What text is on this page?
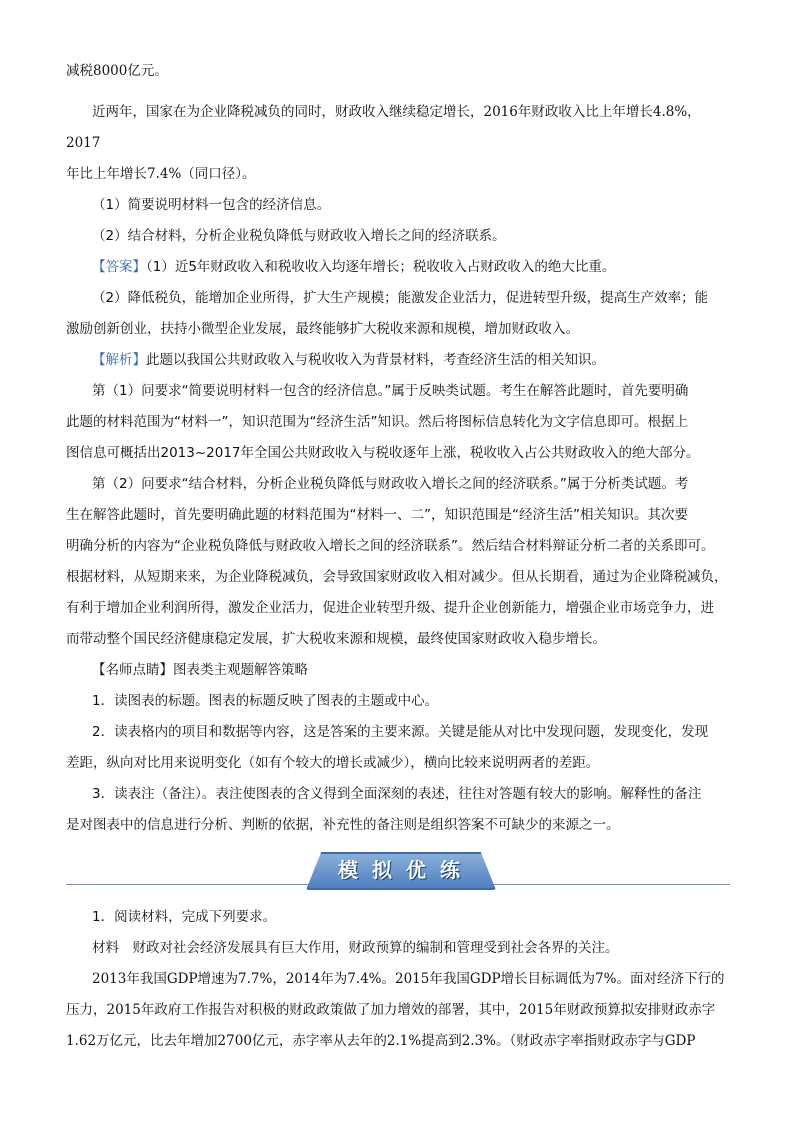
减税8000亿元。

近两年，国家在为企业降税减负的同时，财政收入继续稳定增长，2016年财政收入比上年增长4.8%，2017

年比上年增长7.4%（同口径）。

（1）简要说明材料一包含的经济信息。

（2）结合材料，分析企业税负降低与财政收入增长之间的经济联系。

【答案】（1）近5年财政收入和税收收入均逐年增长；税收收入占财政收入的绝大比重。

（2）降低税负，能增加企业所得，扩大生产规模；能激发企业活力，促进转型升级，提高生产效率；能

激励创新创业，扶持小微型企业发展，最终能够扩大税收来源和规模，增加财政收入。

【解析】此题以我国公共财政收入与税收收入为背景材料，考查经济生活的相关知识。

第（1）问要求“简要说明材料一包含的经济信息。”属于反映类试题。考生在解答此题时，首先要明确

此题的材料范围为“材料一”，知识范围为“经济生活”知识。然后将图标信息转化为文字信息即可。根据上

图信息可概括出2013~2017年全国公共财政收入与税收逐年上涨，税收收入占公共财政收入的绝大部分。

第（2）问要求“结合材料，分析企业税负降低与财政收入增长之间的经济联系。”属于分析类试题。考

生在解答此题时，首先要明确此题的材料范围为“材料一、二”，知识范围是“经济生活”相关知识。其次要

明确分析的内容为“企业税负降低与财政收入增长之间的经济联系”。然后结合材料辩证分析二者的关系即可。

根据材料，从短期来来，为企业降税减负，会导致国家财政收入相对减少。但从长期看，通过为企业降税减负，

有利于增加企业利润所得，激发企业活力，促进企业转型升级、提升企业创新能力，增强企业市场竞争力，进

而带动整个国民经济健康稳定发展，扩大税收来源和规模，最终使国家财政收入稳步增长。

【名师点睛】图表类主观题解答策略

1．读图表的标题。图表的标题反映了图表的主题或中心。

2．读表格内的项目和数据等内容，这是答案的主要来源。关键是能从对比中发现问题，发现变化，发现

差距，纵向对比用来说明变化（如有个较大的增长或减少），横向比较来说明两者的差距。

3．读表注（备注）。表注使图表的含义得到全面深刻的表述，往往对答题有较大的影响。解释性的备注

是对图表中的信息进行分析、判断的依据，补充性的备注则是组织答案不可缺少的来源之一。

模拟优练

1．阅读材料，完成下列要求。

材料　财政对社会经济发展具有巨大作用，财政预算的编制和管理受到社会各界的关注。

2013年我国GDP增速为7.7%，2014年为7.4%。2015年我国GDP增长目标调低为7%。面对经济下行的

压力，2015年政府工作报告对积极的财政政策做了加力增效的部署，其中，2015年财政预算拟安排财政赤字

1.62万亿元，比去年增加2700亿元，赤字率从去年的2.1%提高到2.3%。（财政赤字率指财政赤字与GDP
